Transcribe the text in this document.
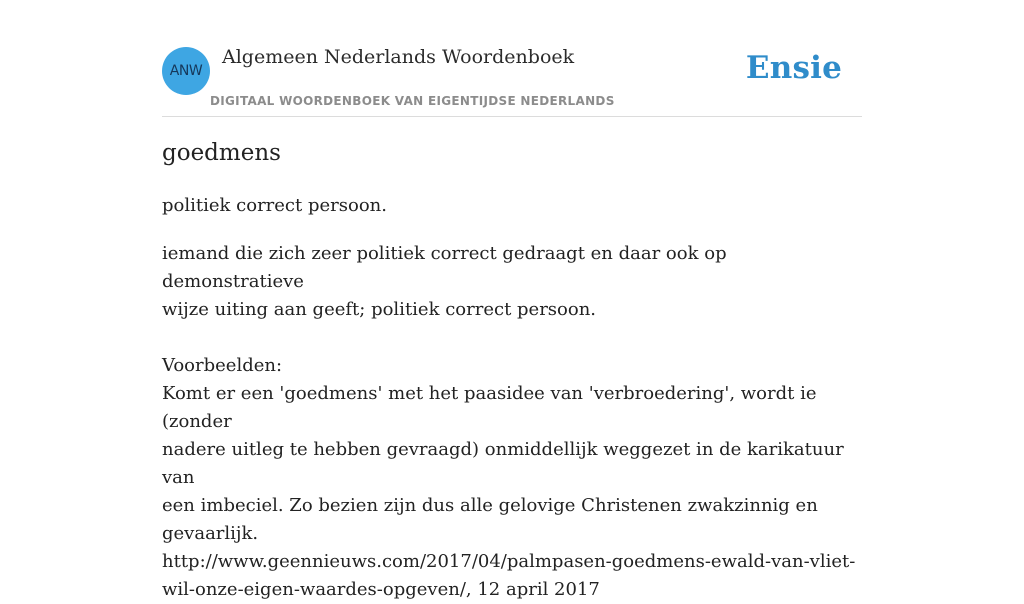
ANW
Algemeen Nederlands Woordenboek
DIGITAAL WOORDENBOEK VAN EIGENTIJDSE NEDERLANDS
Ensie
goedmens

politiek correct persoon.

iemand die zich zeer politiek correct gedraagt en daar ook op demonstratieve

wijze uiting aan geeft; politiek correct persoon.

Voorbeelden:

Komt er een 'goedmens' met het paasidee van 'verbroedering', wordt ie (zonder

nadere uitleg te hebben gevraagd) onmiddellijk weggezet in de karikatuur van

een imbeciel. Zo bezien zijn dus alle gelovige Christenen zwakzinnig en

gevaarlijk.

http://www.geennieuws.com/2017/04/palmpasen-goedmens-ewald-van-vliet-

wil-onze-eigen-waardes-opgeven/, 12 april 2017
